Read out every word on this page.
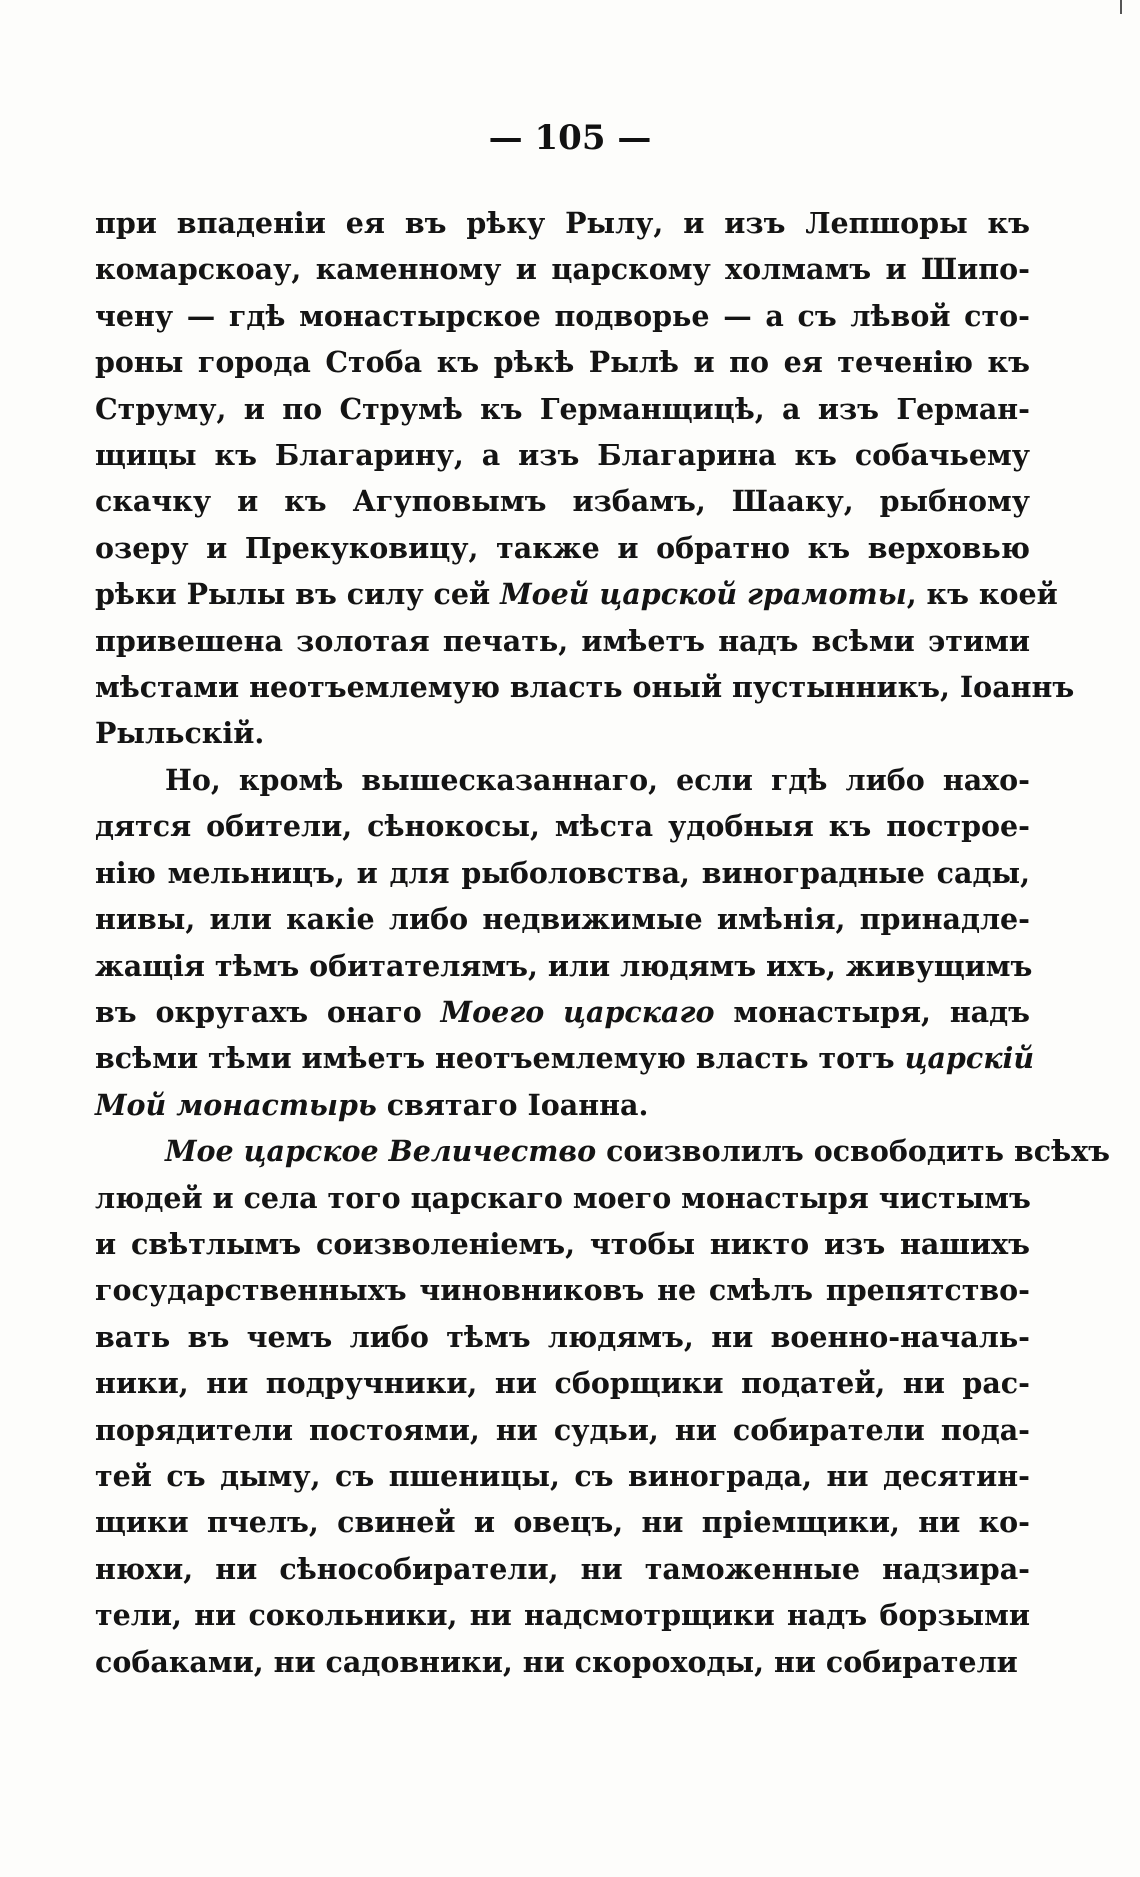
— 105 —
при впаденіи ея въ рѣку Рылу, и изъ Лепшоры къ
комарскоау, каменному и царскому холмамъ и Шипо-
чену — гдѣ монастырское подворье — а съ лѣвой сто-
роны города Стоба къ рѣкѣ Рылѣ и по ея теченію къ
Струму, и по Струмѣ къ Германщицѣ, а изъ Герман-
щицы къ Благарину, а изъ Благарина къ собачьему
скачку и къ Агуповымъ избамъ, Шааку, рыбному
озеру и Прекуковицу, также и обратно къ верховью
рѣки Рылы въ силу сей Моей царской грамоты, къ коей
привешена золотая печать, имѣетъ надъ всѣми этими
мѣстами неотъемлемую власть оный пустынникъ, Іоаннъ
Рыльскій.
Но, кромѣ вышесказаннаго, если гдѣ либо нахо-
дятся обители, сѣнокосы, мѣста удобныя къ построе-
нію мельницъ, и для рыболовства, виноградные сады,
нивы, или какіе либо недвижимые имѣнія, принадле-
жащія тѣмъ обитателямъ, или людямъ ихъ, живущимъ
въ округахъ онаго Моего царскаго монастыря, надъ
всѣми тѣми имѣетъ неотъемлемую власть тотъ царскій
Мой монастырь святаго Іоанна.
Мое царское Величество соизволилъ освободить всѣхъ
людей и села того царскаго моего монастыря чистымъ
и свѣтлымъ соизволеніемъ, чтобы никто изъ нашихъ
государственныхъ чиновниковъ не смѣлъ препятство-
вать въ чемъ либо тѣмъ людямъ, ни военно-началь-
ники, ни подручники, ни сборщики податей, ни рас-
порядители постоями, ни судьи, ни собиратели пода-
тей съ дыму, съ пшеницы, съ винограда, ни десятин-
щики пчелъ, свиней и овецъ, ни пріемщики, ни ко-
нюхи, ни сѣнособиратели, ни таможенные надзира-
тели, ни сокольники, ни надсмотрщики надъ борзыми
собаками, ни садовники, ни скороходы, ни собиратели
